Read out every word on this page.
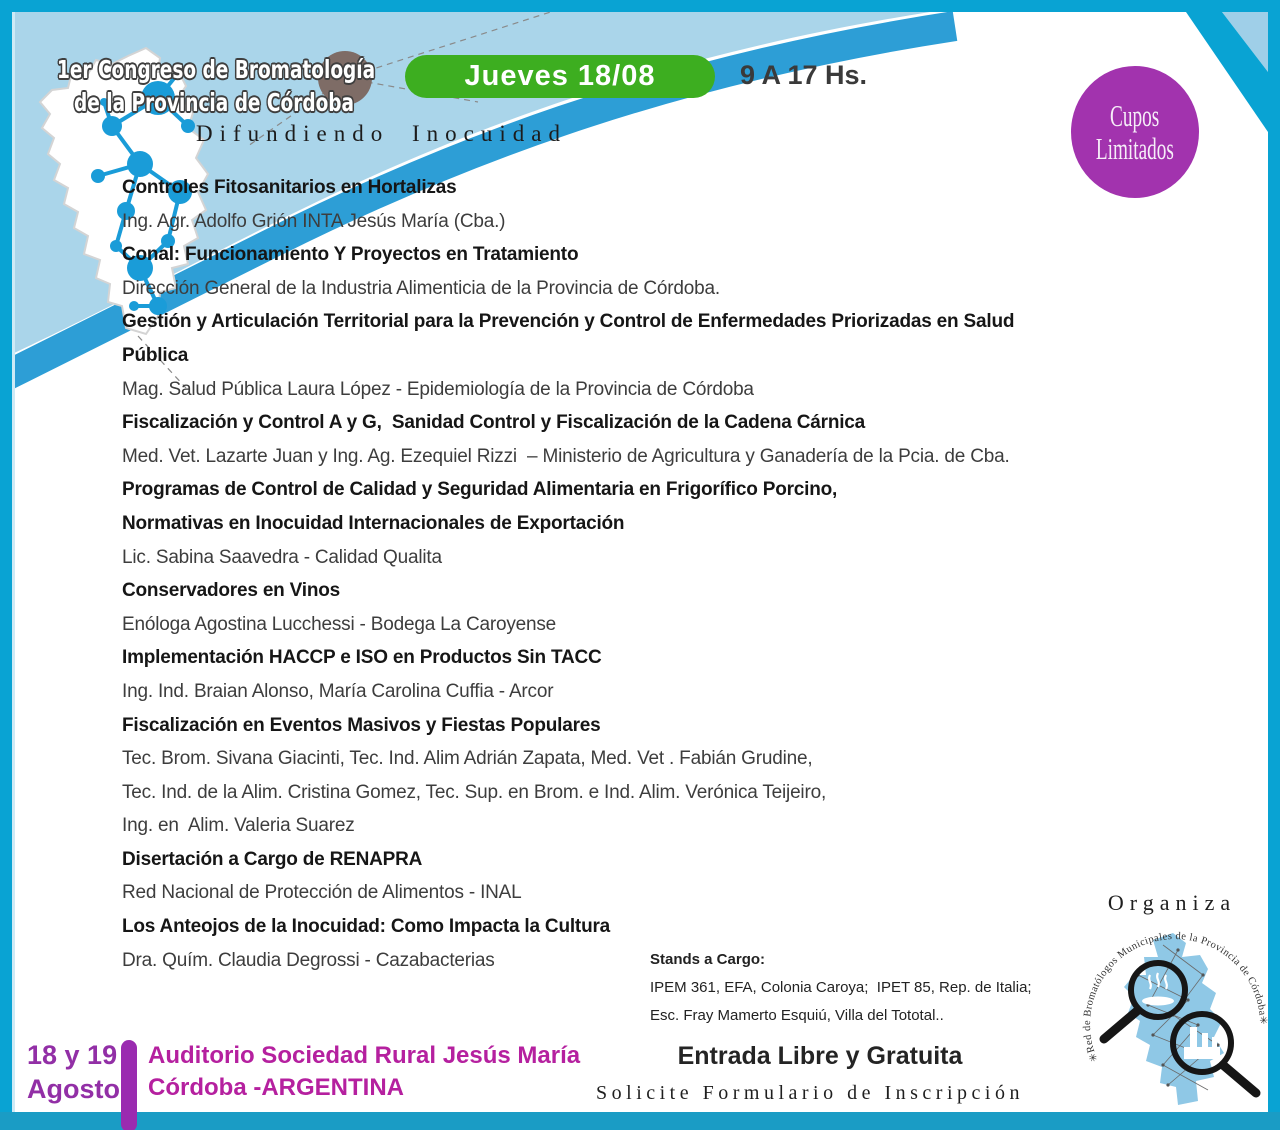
1er Congreso de Bromatología
de la Provincia de Córdoba
Difundiendo Inocuidad
Jueves 18/08	9 A 17 Hs.
Cupos
Limitados
Controles Fitosanitarios en Hortalizas
Ing. Agr. Adolfo Grión INTA Jesús María (Cba.)
Conal: Funcionamiento Y Proyectos en Tratamiento
Dirección General de la Industria Alimenticia de la Provincia de Córdoba.
Gestión y Articulación Territorial para la Prevención y Control de Enfermedades Priorizadas en Salud
Pública
Mag. Salud Pública Laura López - Epidemiología de la Provincia de Córdoba
Fiscalización y Control A y G,  Sanidad Control y Fiscalización de la Cadena Cárnica
Med. Vet. Lazarte Juan y Ing. Ag. Ezequiel Rizzi  – Ministerio de Agricultura y Ganadería de la Pcia. de Cba.
Programas de Control de Calidad y Seguridad Alimentaria en Frigorífico Porcino,
Normativas en Inocuidad Internacionales de Exportación
Lic. Sabina Saavedra - Calidad Qualita
Conservadores en Vinos
Enóloga Agostina Lucchessi - Bodega La Caroyense
Implementación HACCP e ISO en Productos Sin TACC
Ing. Ind. Braian Alonso, María Carolina Cuffia - Arcor
Fiscalización en Eventos Masivos y Fiestas Populares
Tec. Brom. Sivana Giacinti, Tec. Ind. Alim Adrián Zapata, Med. Vet . Fabián Grudine,
Tec. Ind. de la Alim. Cristina Gomez, Tec. Sup. en Brom. e Ind. Alim. Verónica Teijeiro,
Ing. en  Alim. Valeria Suarez
Disertación a Cargo de RENAPRA
Red Nacional de Protección de Alimentos - INAL
Los Anteojos de la Inocuidad: Como Impacta la Cultura
Dra. Quím. Claudia Degrossi - Cazabacterias	Stands a Cargo:
IPEM 361, EFA, Colonia Caroya;  IPET 85, Rep. de Italia;
Esc. Fray Mamerto Esquiú, Villa del Tototal..
18 y 19
Agosto
Auditorio Sociedad Rural Jesús María
Córdoba -ARGENTINA
Entrada Libre y Gratuita
Solicite Formulario de Inscripción
Organiza
✳Red de Bromatólogos Municipales de la Provincia de Córdoba✳
